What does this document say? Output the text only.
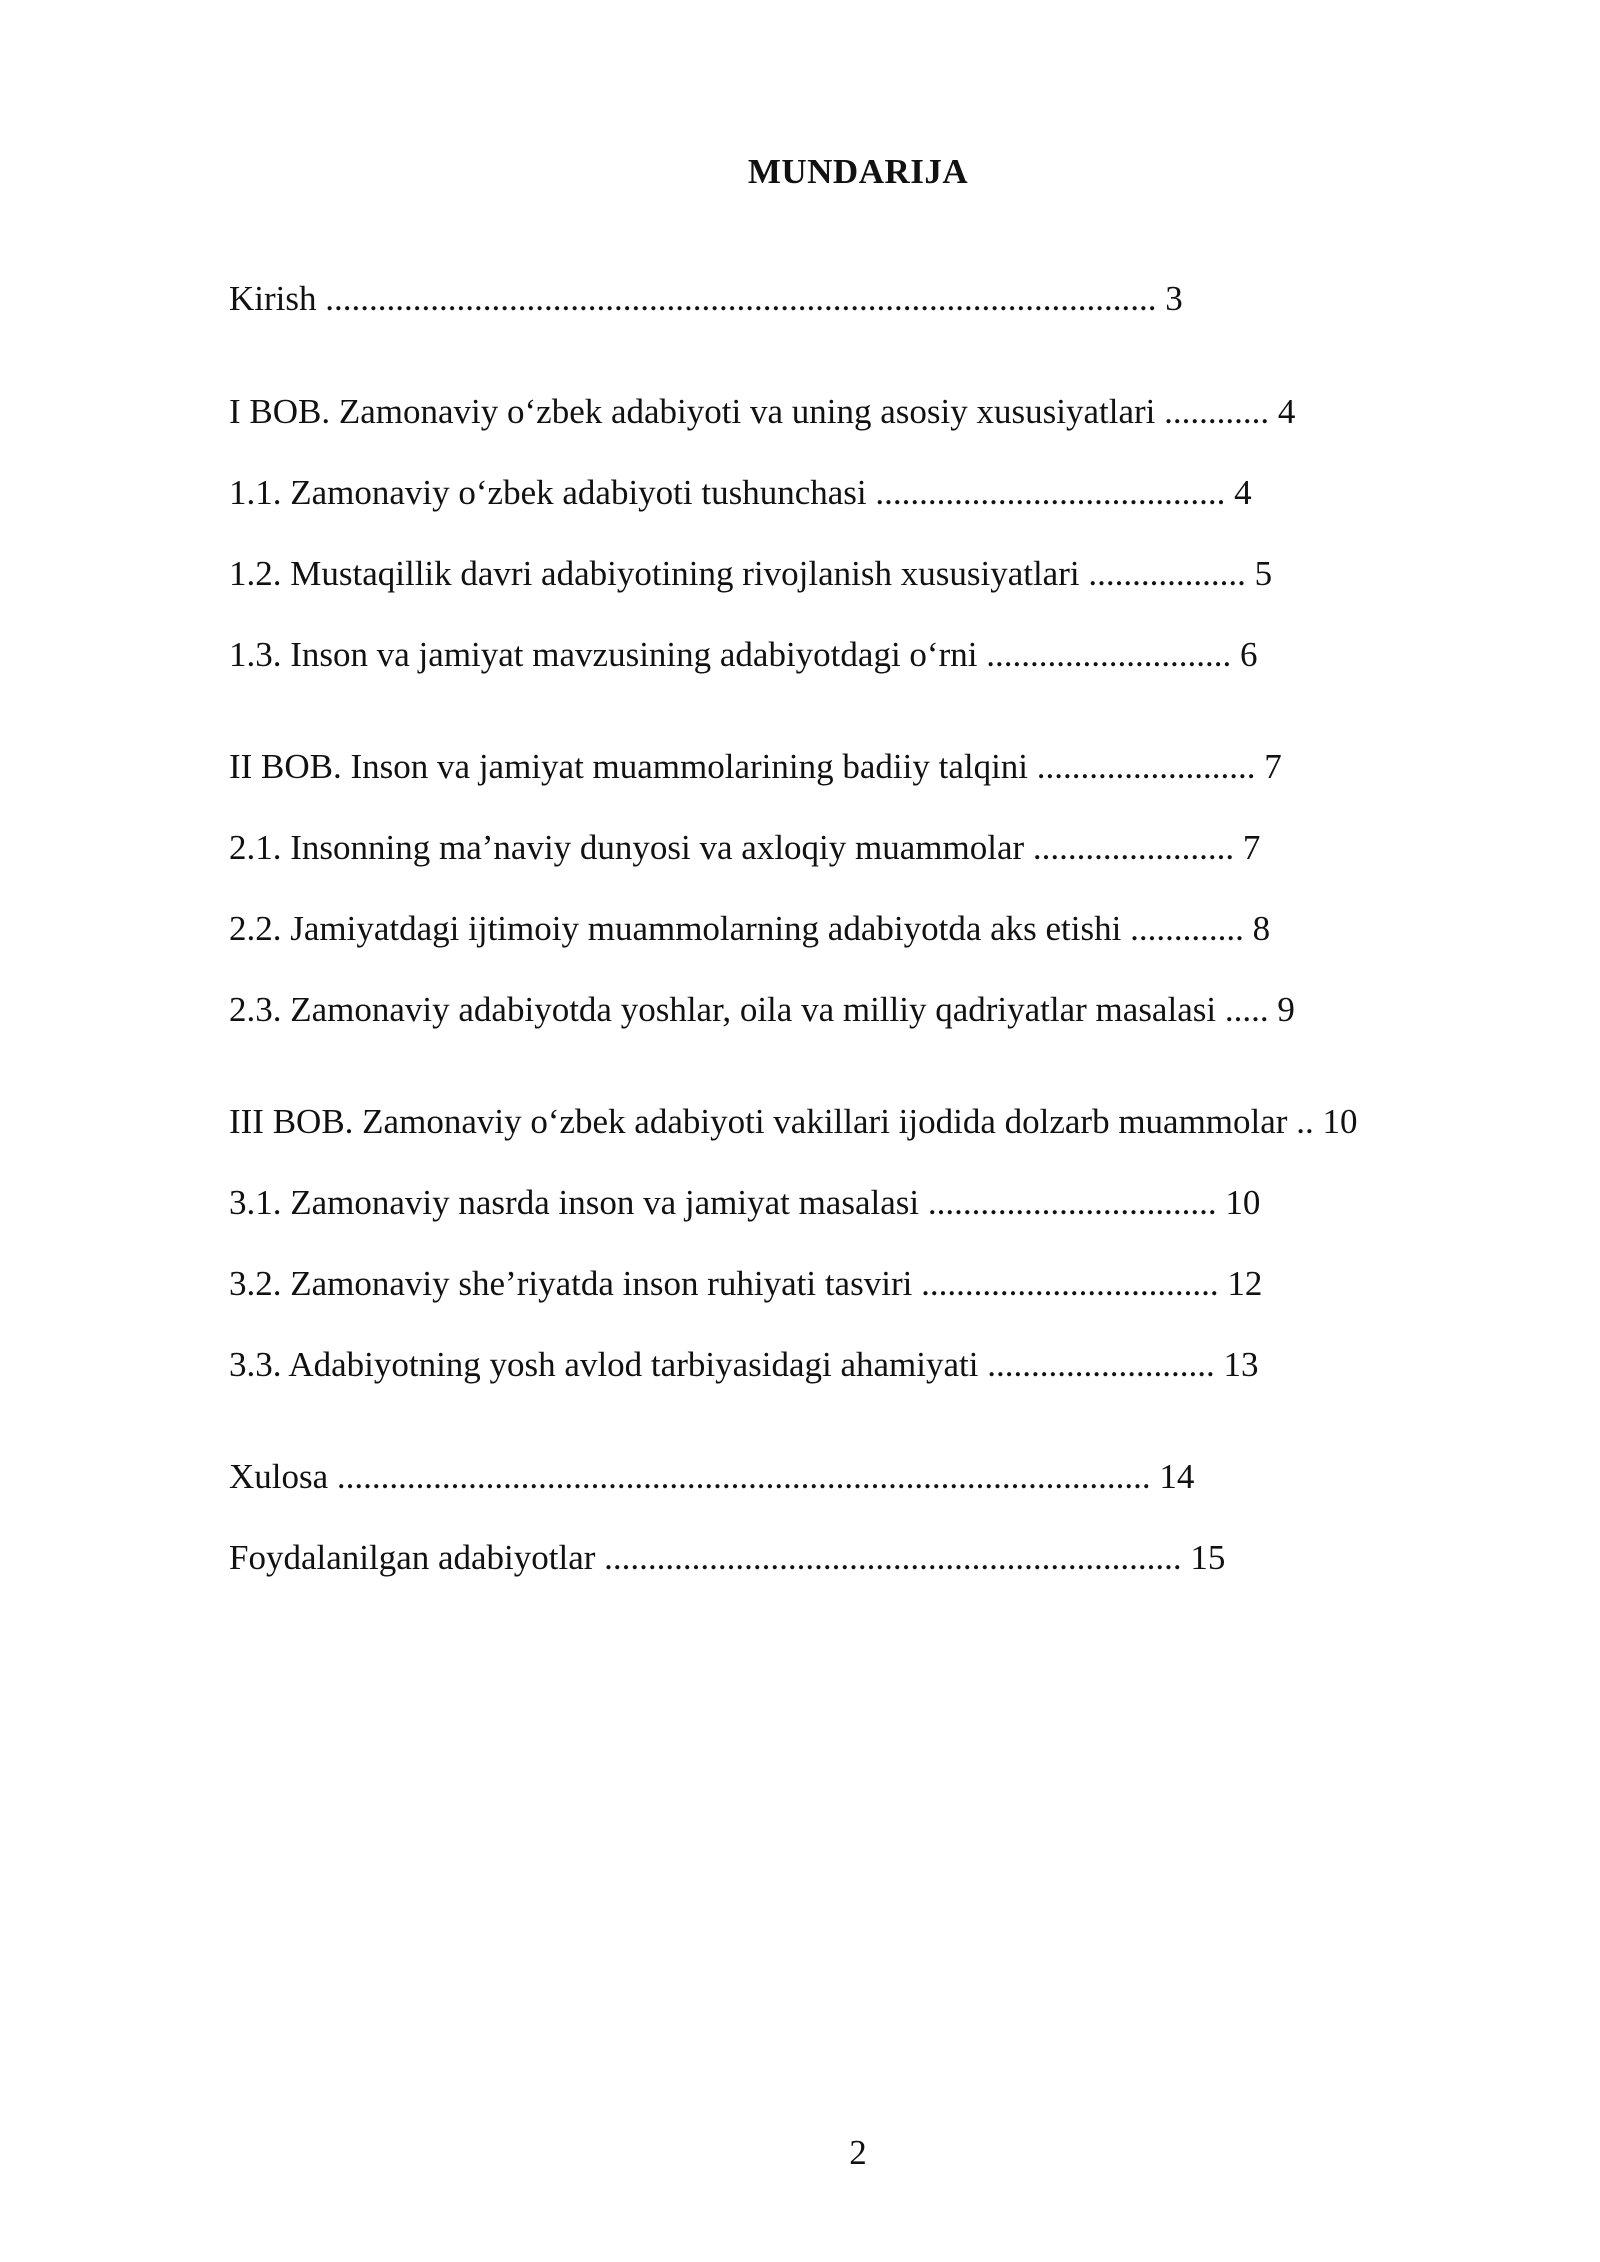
MUNDARIJA
Kirish ............................................................................................... 3
I BOB. Zamonaviy o‘zbek adabiyoti va uning asosiy xususiyatlari ............ 4
1.1. Zamonaviy o‘zbek adabiyoti tushunchasi ........................................ 4
1.2. Mustaqillik davri adabiyotining rivojlanish xususiyatlari .................. 5
1.3. Inson va jamiyat mavzusining adabiyotdagi o‘rni ............................ 6
II BOB. Inson va jamiyat muammolarining badiiy talqini ......................... 7
2.1. Insonning ma’naviy dunyosi va axloqiy muammolar ....................... 7
2.2. Jamiyatdagi ijtimoiy muammolarning adabiyotda aks etishi ............. 8
2.3. Zamonaviy adabiyotda yoshlar, oila va milliy qadriyatlar masalasi ..... 9
III BOB. Zamonaviy o‘zbek adabiyoti vakillari ijodida dolzarb muammolar .. 10
3.1. Zamonaviy nasrda inson va jamiyat masalasi ................................. 10
3.2. Zamonaviy she’riyatda inson ruhiyati tasviri .................................. 12
3.3. Adabiyotning yosh avlod tarbiyasidagi ahamiyati .......................... 13
Xulosa ............................................................................................. 14
Foydalanilgan adabiyotlar .................................................................. 15
2
